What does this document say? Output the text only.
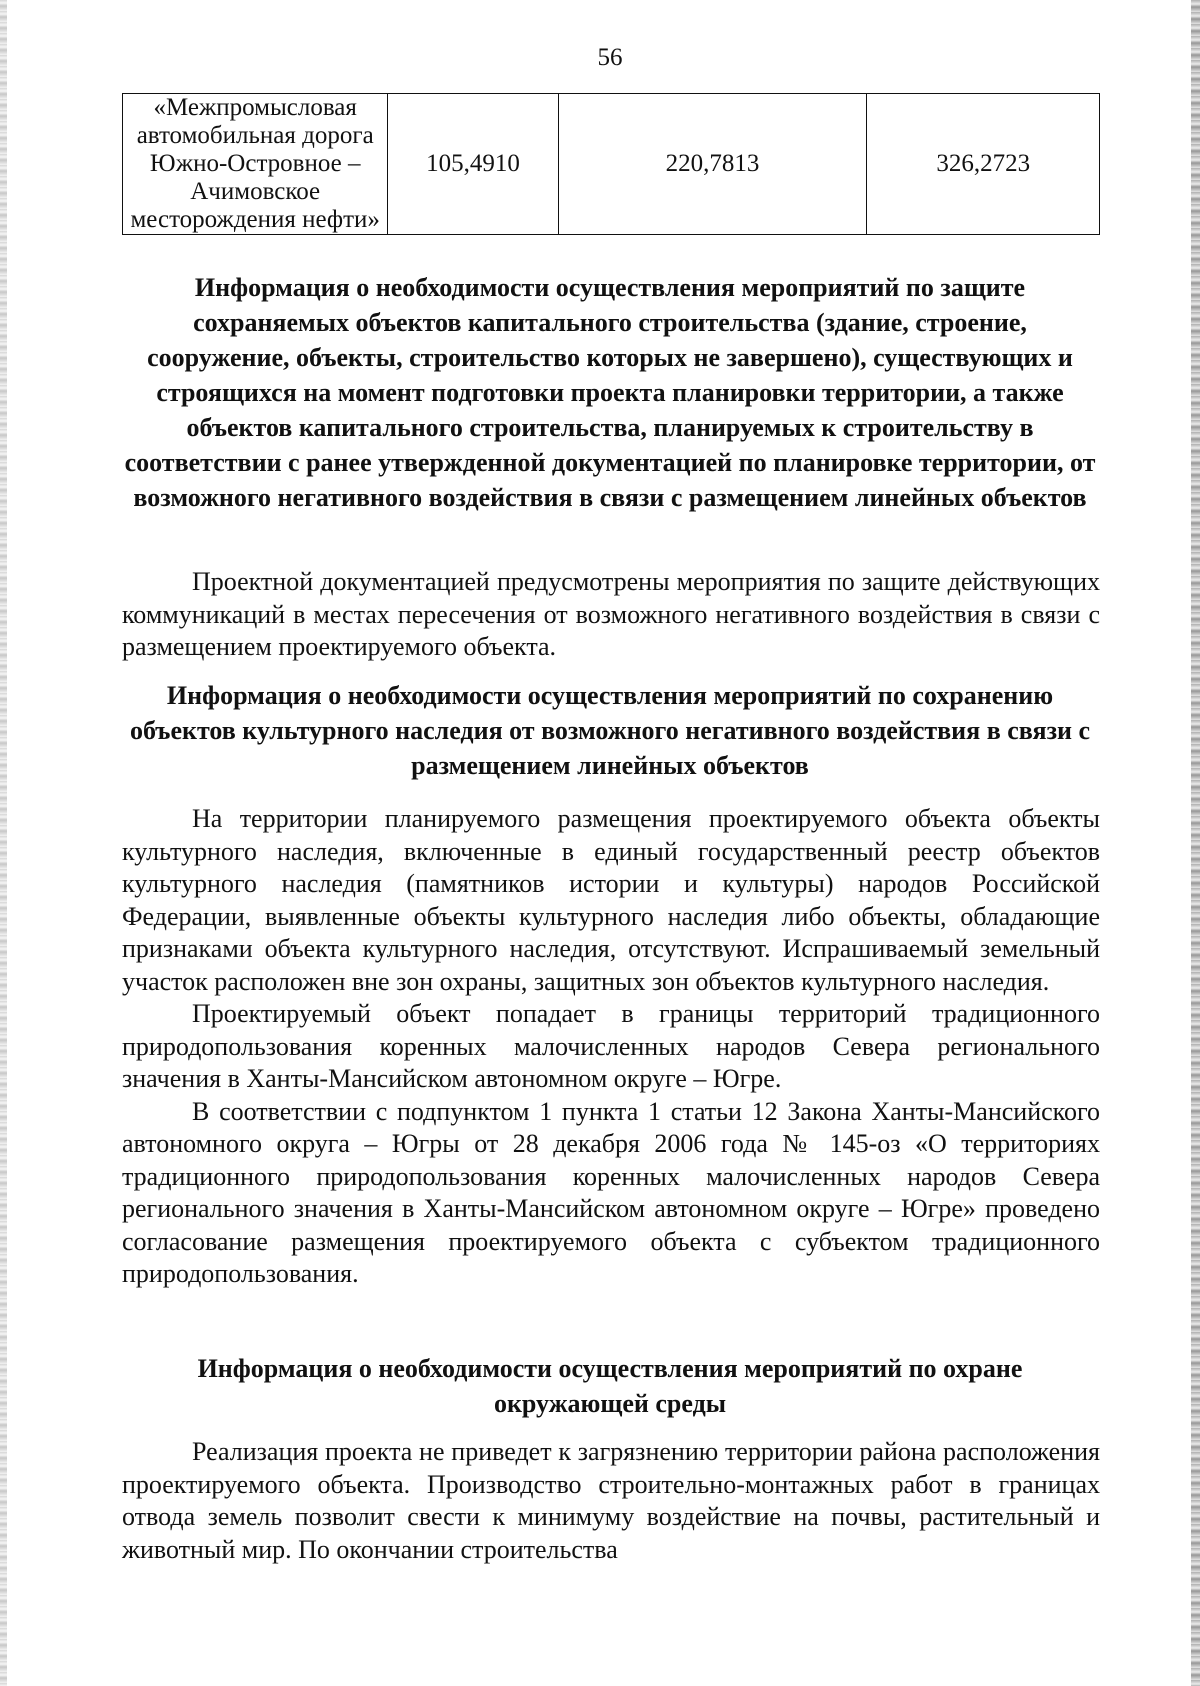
56
«Межпромысловая автомобильная дорога Южно-Островное – Ачимовское месторождения нефти»	105,4910	220,7813	326,2723
Информация о необходимости осуществления мероприятий по защите сохраняемых объектов капитального строительства (здание, строение, сооружение, объекты, строительство которых не завершено), существующих и строящихся на момент подготовки проекта планировки территории, а также объектов капитального строительства, планируемых к строительству в соответствии с ранее утвержденной документацией по планировке территории, от возможного негативного воздействия в связи с размещением линейных объектов

Проектной документацией предусмотрены мероприятия по защите действующих коммуникаций в местах пересечения от возможного негативного воздействия в связи с размещением проектируемого объекта.

Информация о необходимости осуществления мероприятий по сохранению объектов культурного наследия от возможного негативного воздействия в связи с размещением линейных объектов

На территории планируемого размещения проектируемого объекта объекты культурного наследия, включенные в единый государственный реестр объектов культурного наследия (памятников истории и культуры) народов Российской Федерации, выявленные объекты культурного наследия либо объекты, обладающие признаками объекта культурного наследия, отсутствуют. Испрашиваемый земельный участок расположен вне зон охраны, защитных зон объектов культурного наследия.

Проектируемый объект попадает в границы территорий традиционного природопользования коренных малочисленных народов Севера регионального значения в Ханты-Мансийском автономном округе – Югре.

В соответствии с подпунктом 1 пункта 1 статьи 12 Закона Ханты-Мансийского автономного округа – Югры от 28 декабря 2006 года № 145-оз «О территориях традиционного природопользования коренных малочисленных народов Севера регионального значения в Ханты-Мансийском автономном округе – Югре» проведено согласование размещения проектируемого объекта с субъектом традиционного природопользования.

Информация о необходимости осуществления мероприятий по охране окружающей среды

Реализация проекта не приведет к загрязнению территории района расположения проектируемого объекта. Производство строительно-монтажных работ в границах отвода земель позволит свести к минимуму воздействие на почвы, растительный и животный мир. По окончании строительства
